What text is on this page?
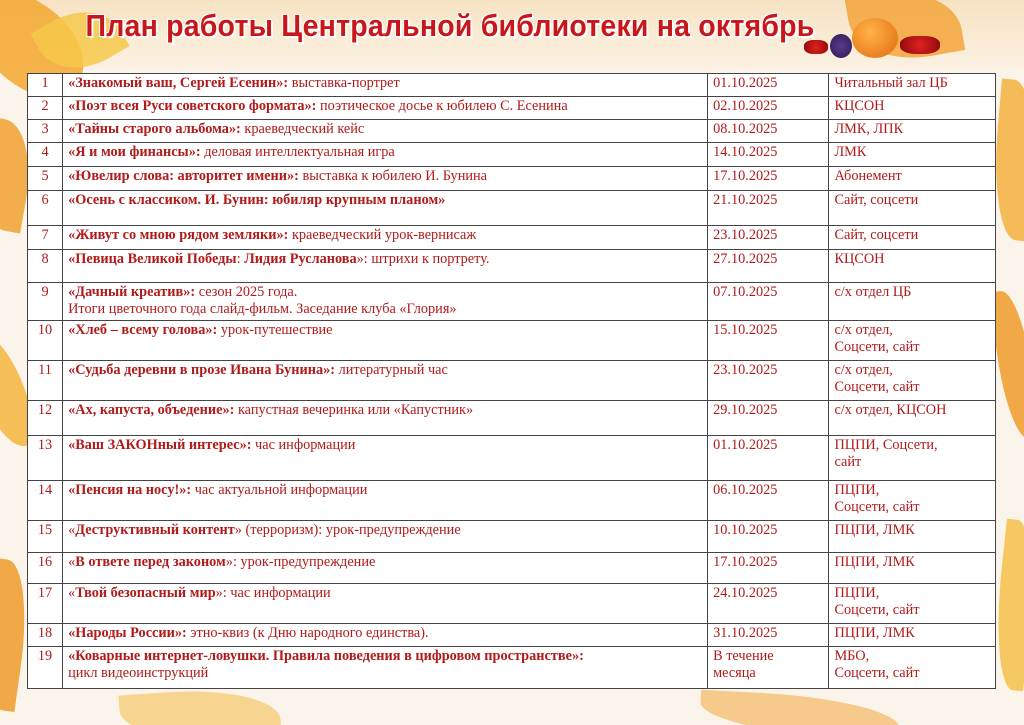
План работы Центральной библиотеки на октябрь
1	«Знакомый ваш, Сергей Есенин»: выставка-портрет	01.10.2025	Читальный зал ЦБ
2	«Поэт всея Руси советского формата»: поэтическое досье к юбилею С. Есенина	02.10.2025	КЦСОН
3	«Тайны старого альбома»: краеведческий кейс	08.10.2025	ЛМК, ЛПК
4	«Я и мои финансы»: деловая интеллектуальная игра	14.10.2025	ЛМК
5	«Ювелир слова: авторитет имени»: выставка к юбилею И. Бунина	17.10.2025	Абонемент
6	«Осень с классиком. И. Бунин: юбиляр крупным планом»	21.10.2025	Сайт, соцсети
7	«Живут со мною рядом земляки»: краеведческий урок-вернисаж	23.10.2025	Сайт, соцсети
8	«Певица Великой Победы: Лидия Русланова»: штрихи к портрету.	27.10.2025	КЦСОН
9	«Дачный креатив»: сезон 2025 года.
Итоги цветочного года слайд-фильм. Заседание клуба «Глория»	07.10.2025	с/х отдел ЦБ
10	«Хлеб – всему голова»: урок-путешествие	15.10.2025	с/х отдел,
Соцсети, сайт
11	«Судьба деревни в прозе Ивана Бунина»: литературный час	23.10.2025	с/х отдел,
Соцсети, сайт
12	«Ах, капуста, объедение»: капустная вечеринка или «Капустник»	29.10.2025	с/х отдел, КЦСОН
13	«Ваш ЗАКОНный интерес»: час информации	01.10.2025	ПЦПИ, Соцсети,
сайт
14	«Пенсия на носу!»: час актуальной информации	06.10.2025	ПЦПИ,
Соцсети, сайт
15	«Деструктивный контент» (терроризм): урок-предупреждение	10.10.2025	ПЦПИ, ЛМК
16	«В ответе перед законом»: урок-предупреждение	17.10.2025	ПЦПИ, ЛМК
17	«Твой безопасный мир»: час информации	24.10.2025	ПЦПИ,
Соцсети, сайт
18	«Народы России»: этно-квиз (к Дню народного единства).	31.10.2025	ПЦПИ, ЛМК
19	«Коварные интернет-ловушки. Правила поведения в цифровом пространстве»:
цикл видеоинструкций	В течение
месяца	МБО,
Соцсети, сайт
